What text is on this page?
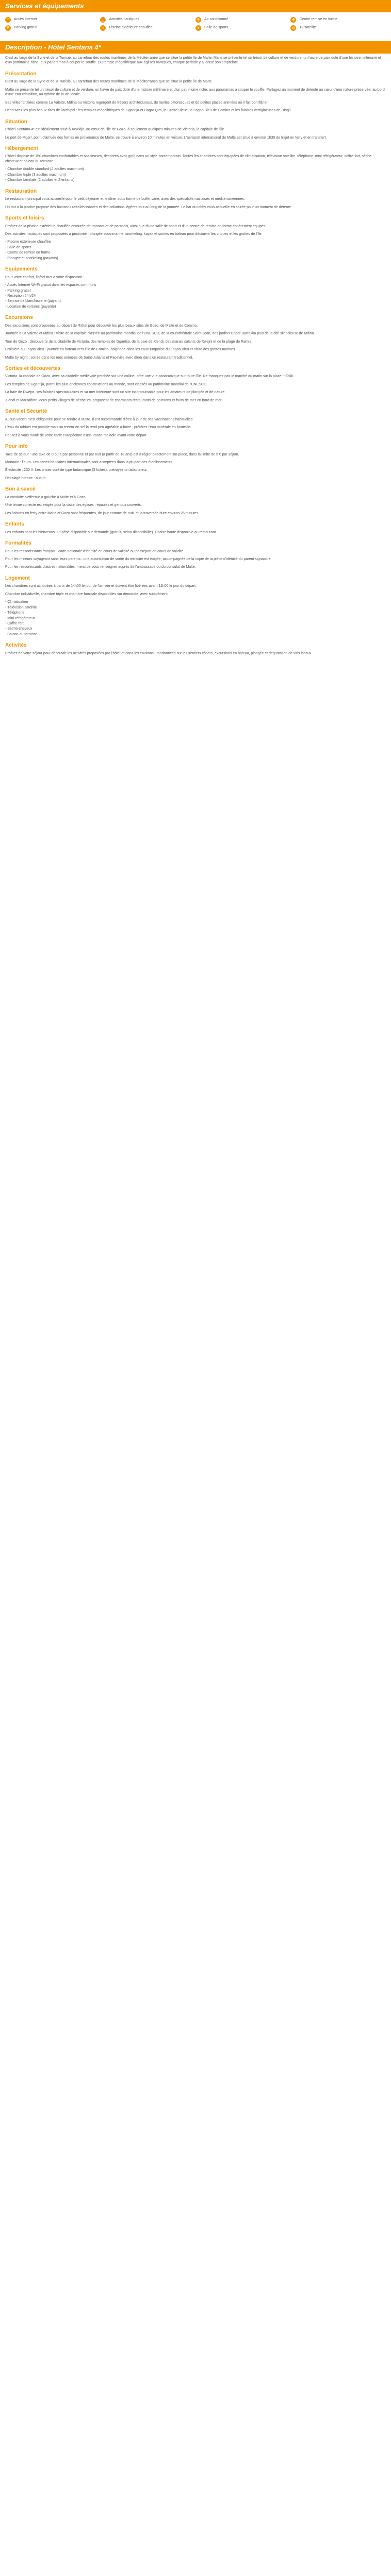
Services et équipements
⌔	Accès Internet	⛵ Activités nautiques	❄	Air conditionné	✚	Centre remise en forme
P	Parking gratuit	≈	Piscine extérieure chauffée	●	Salle de sports	▭	Tv satellite
Description - Hôtel Sentana 4*

C'est au large de la Syrie et de la Tunisie, au carrefour des routes maritimes de la Méditerranée que se situe la petite île de Malte. Malte se présente tel un trésor de culture et de verdure, un havre de paix doté d'une histoire millénaire et d'un patrimoine riche, aux panoramas à couper le souffle. Du temple mégalithique aux églises baroques, chaque période y a laissé son empreinte.

Présentation

C'est au large de la Syrie et de la Tunisie, au carrefour des routes maritimes de la Méditerranée que se situe la petite île de Malte.

Malte se présente tel un trésor de culture et de verdure, un havre de paix doté d'une histoire millénaire et d'un patrimoine riche, aux panoramas à couper le souffle. Partagez un moment de détente au cœur d'une nature préservée, au bord d'une eau cristalline, au rythme de la vie locale.

Ses villes fortifiées comme La Valette, Mdina ou Victoria regorgent de trésors architecturaux, de ruelles pittoresques et de petites places animées où il fait bon flâner.

Découvrez les plus beaux sites de l'archipel : les temples mégalithiques de Ggantija et Hagar Qim, la Grotte Bleue, le Lagon Bleu de Comino et les falaises vertigineuses de Dingli.

Situation

L'hôtel Sentana 4* est idéalement situé à Xewkija, au cœur de l'île de Gozo, à seulement quelques minutes de Victoria, la capitale de l'île.

Le port de Mgarr, point d'arrivée des ferries en provenance de Malte, se trouve à environ 10 minutes en voiture. L'aéroport international de Malte est situé à environ 1h30 de trajet en ferry et en transfert.

Hébergement

L'hôtel dispose de 150 chambres confortables et spacieuses, décorées avec goût dans un style contemporain. Toutes les chambres sont équipées de climatisation, télévision satellite, téléphone, mini-réfrigérateur, coffre-fort, sèche-cheveux et balcon ou terrasse.

- Chambre double standard (2 adultes maximum)
- Chambre triple (3 adultes maximum)
- Chambre familiale (2 adultes et 2 enfants)
Restauration

Le restaurant principal vous accueille pour le petit déjeuner et le dîner sous forme de buffet varié, avec des spécialités maltaises et méditerranéennes.

Un bar à la piscine propose des boissons rafraîchissantes et des collations légères tout au long de la journée. Le bar du lobby vous accueille en soirée pour un moment de détente.

Sports et loisirs

Profitez de la piscine extérieure chauffée entourée de transats et de parasols, ainsi que d'une salle de sport et d'un centre de remise en forme entièrement équipés.

Des activités nautiques sont proposées à proximité : plongée sous-marine, snorkeling, kayak et sorties en bateau pour découvrir les criques et les grottes de l'île.

- Piscine extérieure chauffée
- Salle de sports
- Centre de remise en forme
- Plongée et snorkeling (payants)
Equipements

Pour votre confort, l'hôtel met à votre disposition :

- Accès Internet Wi-Fi gratuit dans les espaces communs
- Parking gratuit
- Réception 24h/24
- Service de blanchisserie (payant)
- Location de voitures (payante)
Excursions

Des excursions sont proposées au départ de l'hôtel pour découvrir les plus beaux sites de Gozo, de Malte et de Comino.

Journée à La Valette et Mdina : visite de la capitale classée au patrimoine mondial de l'UNESCO, de la co-cathédrale Saint-Jean, des jardins Upper Barrakka puis de la cité silencieuse de Mdina.

Tour de Gozo : découverte de la citadelle de Victoria, des temples de Ggantija, de la baie de Xlendi, des marais salants de Xwejni et de la plage de Ramla.

Croisière au Lagon Bleu : journée en bateau vers l'île de Comino, baignade dans les eaux turquoise du Lagon Bleu et visite des grottes marines.

Malte by night : soirée dans les rues animées de Saint-Julian's et Paceville avec dîner dans un restaurant traditionnel.

Sorties et découvertes

Victoria, la capitale de Gozo, avec sa citadelle médiévale perchée sur une colline, offre une vue panoramique sur toute l'île. Ne manquez pas le marché du matin sur la place It-Tokk.

Les temples de Ggantija, parmi les plus anciennes constructions au monde, sont classés au patrimoine mondial de l'UNESCO.

La baie de Dwejra, ses falaises spectaculaires et sa mer intérieure sont un site incontournable pour les amateurs de plongée et de nature.

Xlendi et Marsalforn, deux petits villages de pêcheurs, proposent de charmants restaurants de poissons et fruits de mer en bord de mer.

Santé et Sécurité

Aucun vaccin n'est obligatoire pour se rendre à Malte. Il est recommandé d'être à jour de ses vaccinations habituelles.

L'eau du robinet est potable mais sa teneur en sel la rend peu agréable à boire ; préférez l'eau minérale en bouteille.

Pensez à vous munir de votre carte européenne d'assurance maladie avant votre départ.

Pour info

Taxe de séjour : une taxe de 0,50 € par personne et par nuit (à partir de 18 ans) est à régler directement sur place, dans la limite de 5 € par séjour.

Monnaie : l'euro. Les cartes bancaires internationales sont acceptées dans la plupart des établissements.

Électricité : 230 V. Les prises sont de type britannique (3 fiches), prévoyez un adaptateur.

Décalage horaire : aucun.

Bon à savoir

La conduite s'effectue à gauche à Malte et à Gozo.

Une tenue correcte est exigée pour la visite des églises : épaules et genoux couverts.

Les liaisons en ferry entre Malte et Gozo sont fréquentes, de jour comme de nuit, et la traversée dure environ 25 minutes.

Enfants

Les enfants sont les bienvenus. Lit bébé disponible sur demande (gratuit, selon disponibilité). Chaise haute disponible au restaurant.

Formalités

Pour les ressortissants français : carte nationale d'identité en cours de validité ou passeport en cours de validité.

Pour les mineurs voyageant sans leurs parents : une autorisation de sortie du territoire est exigée, accompagnée de la copie de la pièce d'identité du parent signataire.

Pour les ressortissants d'autres nationalités, merci de vous renseigner auprès de l'ambassade ou du consulat de Malte.

Logement

Les chambres sont attribuées à partir de 14h00 le jour de l'arrivée et doivent être libérées avant 11h00 le jour du départ.

Chambre individuelle, chambre triple et chambre familiale disponibles sur demande, avec supplément.

- Climatisation
- Télévision satellite
- Téléphone
- Mini-réfrigérateur
- Coffre-fort
- Sèche-cheveux
- Balcon ou terrasse
Activités

Profitez de votre séjour pour découvrir les activités proposées par l'hôtel et dans les environs : randonnées sur les sentiers côtiers, excursions en bateau, plongée et dégustation de vins locaux.
